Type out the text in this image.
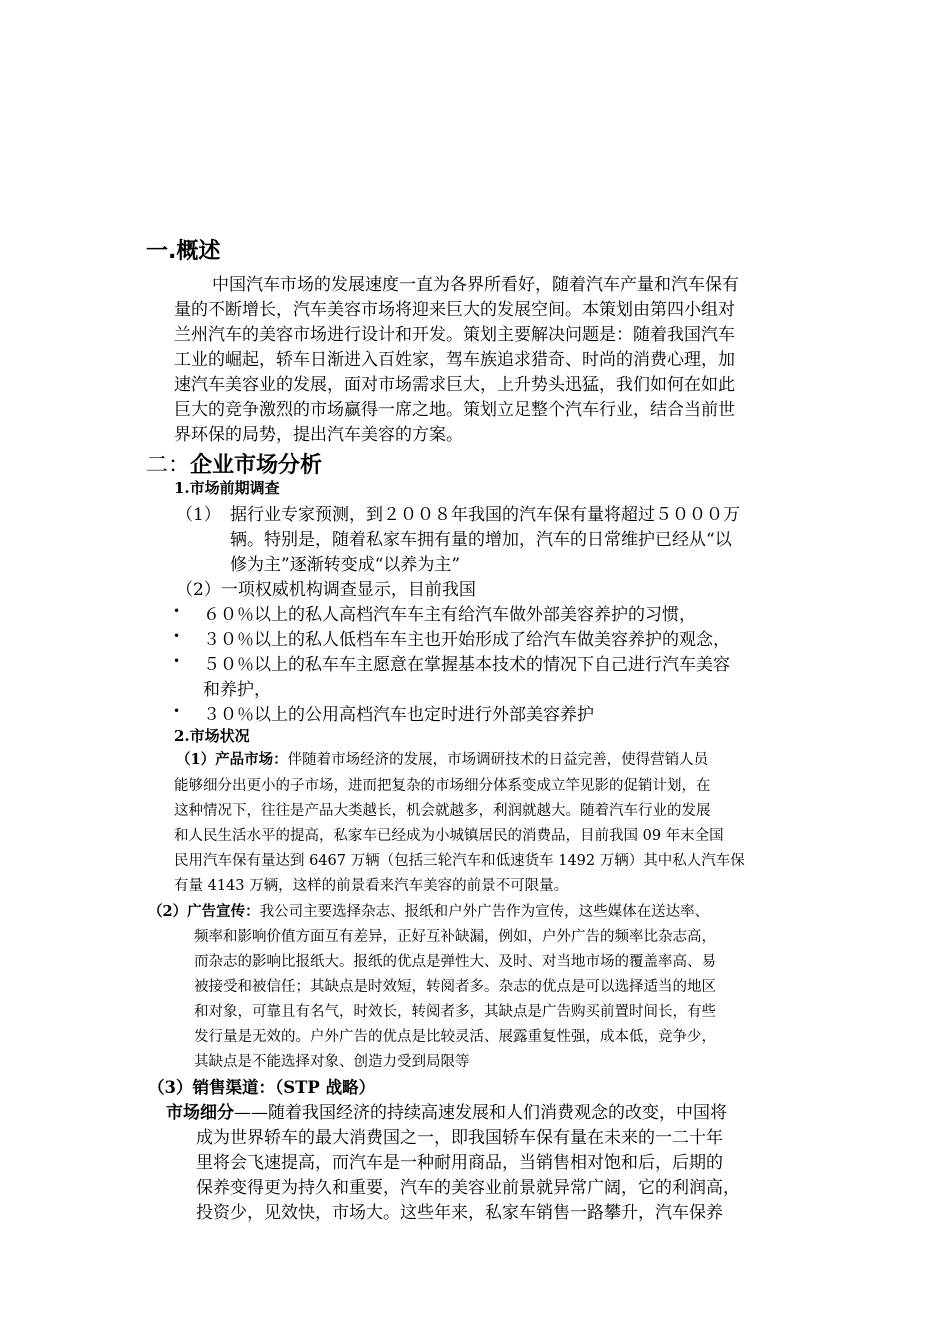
一.概述
中国汽车市场的发展速度一直为各界所看好，随着汽车产量和汽车保有
量的不断增长，汽车美容市场将迎来巨大的发展空间。本策划由第四小组对
兰州汽车的美容市场进行设计和开发。策划主要解决问题是：随着我国汽车
工业的崛起，轿车日渐进入百姓家，驾车族追求猎奇、时尚的消费心理，加
速汽车美容业的发展，面对市场需求巨大，上升势头迅猛，我们如何在如此
巨大的竞争激烈的市场赢得一席之地。策划立足整个汽车行业，结合当前世
界环保的局势，提出汽车美容的方案。
二：企业市场分析
1.市场前期调查
（1） 据行业专家预测，到２００８年我国的汽车保有量将超过５０００万
辆。特别是，随着私家车拥有量的增加，汽车的日常维护已经从“以
修为主”逐渐转变成“以养为主”
（2）一项权威机构调查显示，目前我国
• ６０％以上的私人高档汽车车主有给汽车做外部美容养护的习惯，
• ３０％以上的私人低档车车主也开始形成了给汽车做美容养护的观念，
• ５０％以上的私车车主愿意在掌握基本技术的情况下自己进行汽车美容
和养护，
• ３０％以上的公用高档汽车也定时进行外部美容养护
2.市场状况
（1）产品市场：伴随着市场经济的发展，市场调研技术的日益完善，使得营销人员
能够细分出更小的子市场，进而把复杂的市场细分体系变成立竿见影的促销计划，在
这种情况下，往往是产品大类越长，机会就越多，利润就越大。随着汽车行业的发展
和人民生活水平的提高，私家车已经成为小城镇居民的消费品，目前我国 09 年末全国
民用汽车保有量达到 6467 万辆（包括三轮汽车和低速货车 1492 万辆）其中私人汽车保
有量 4143 万辆，这样的前景看来汽车美容的前景不可限量。
（2）广告宣传：我公司主要选择杂志、报纸和户外广告作为宣传，这些媒体在送达率、
频率和影响价值方面互有差异，正好互补缺漏，例如，户外广告的频率比杂志高，
而杂志的影响比报纸大。报纸的优点是弹性大、及时、对当地市场的覆盖率高、易
被接受和被信任；其缺点是时效短，转阅者多。杂志的优点是可以选择适当的地区
和对象，可靠且有名气，时效长，转阅者多，其缺点是广告购买前置时间长，有些
发行量是无效的。户外广告的优点是比较灵活、展露重复性强，成本低，竞争少，
其缺点是不能选择对象、创造力受到局限等
（3）销售渠道：（STP 战略）
市场细分——随着我国经济的持续高速发展和人们消费观念的改变，中国将
成为世界轿车的最大消费国之一，即我国轿车保有量在未来的一二十年
里将会飞速提高，而汽车是一种耐用商品，当销售相对饱和后，后期的
保养变得更为持久和重要，汽车的美容业前景就异常广阔，它的利润高，
投资少，见效快，市场大。这些年来，私家车销售一路攀升，汽车保养
